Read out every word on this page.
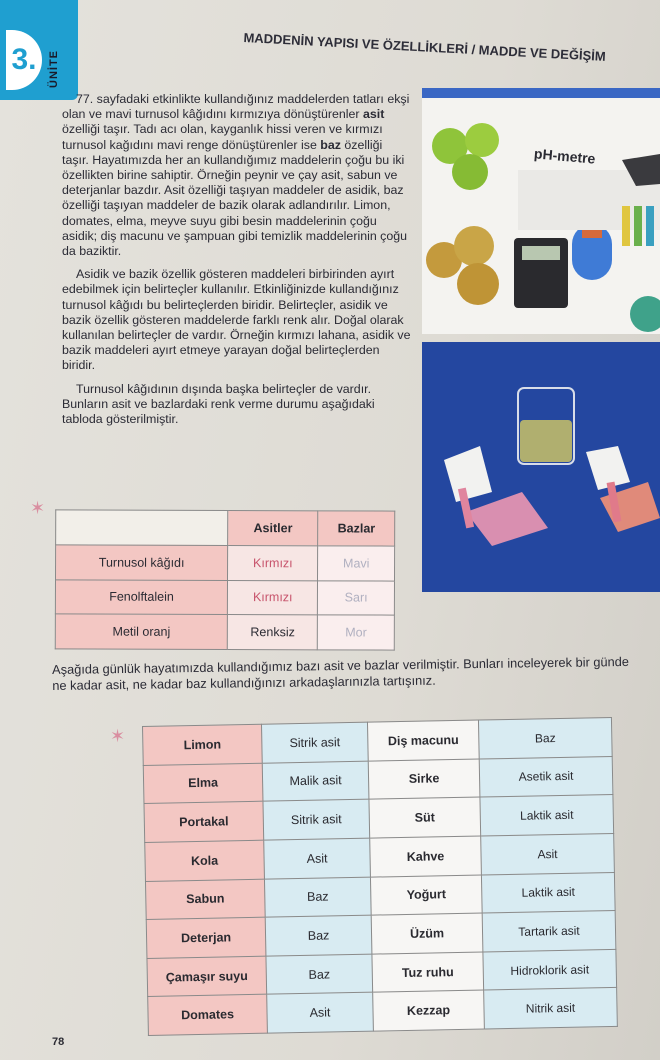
3.	ÜNİTE
MADDENİN YAPISI VE ÖZELLİKLERİ / MADDE VE DEĞİŞİM

77. sayfadaki etkinlikte kullandığınız maddelerden tatları ekşi olan ve mavi turnusol kâğıdını kırmızıya dönüştürenler asit özelliği taşır. Tadı acı olan, kayganlık hissi veren ve kırmızı turnusol kağıdını mavi renge dönüştürenler ise baz özelliği taşır. Hayatımızda her an kullandığımız maddelerin çoğu bu iki özellikten birine sahiptir. Örneğin peynir ve çay asit, sabun ve deterjanlar bazdır. Asit özelliği taşıyan maddeler de asidik, baz özelliği taşıyan maddeler de bazik olarak adlandırılır. Limon, domates, elma, meyve suyu gibi besin maddelerinin çoğu asidik; diş macunu ve şampuan gibi temizlik maddelerinin çoğu da baziktir.

Asidik ve bazik özellik gösteren maddeleri birbirinden ayırt edebilmek için belirteçler kullanılır. Etkinliğinizde kullandığınız turnusol kâğıdı bu belirteçlerden biridir. Belirteçler, asidik ve bazik özellik gösteren maddelerde farklı renk alır. Doğal olarak kullanılan belirteçler de vardır. Örneğin kırmızı lahana, asidik ve bazik maddeleri ayırt etmeye yarayan doğal belirteçlerden biridir.

Turnusol kâğıdının dışında başka belirteçler de vardır. Bunların asit ve bazlardaki renk verme durumu aşağıdaki tabloda gösterilmiştir.

pH-metre
✶
	Asitler	Bazlar
Turnusol kâğıdı	Kırmızı	Mavi
Fenolftalein	Kırmızı	Sarı
Metil oranj	Renksiz	Mor
Aşağıda günlük hayatımızda kullandığımız bazı asit ve bazlar verilmiştir. Bunları inceleyerek bir günde
ne kadar asit, ne kadar baz kullandığınızı arkadaşlarınızla tartışınız.
✶	Limon	Sitrik asit	Diş macunu	Baz
Elma	Malik asit	Sirke	Asetik asit
Portakal	Sitrik asit	Süt	Laktik asit
Kola	Asit	Kahve	Asit
Sabun	Baz	Yoğurt	Laktik asit
Deterjan	Baz	Üzüm	Tartarik asit
Çamaşır suyu	Baz	Tuz ruhu	Hidroklorik asit
Domates	Asit	Kezzap	Nitrik asit
78
